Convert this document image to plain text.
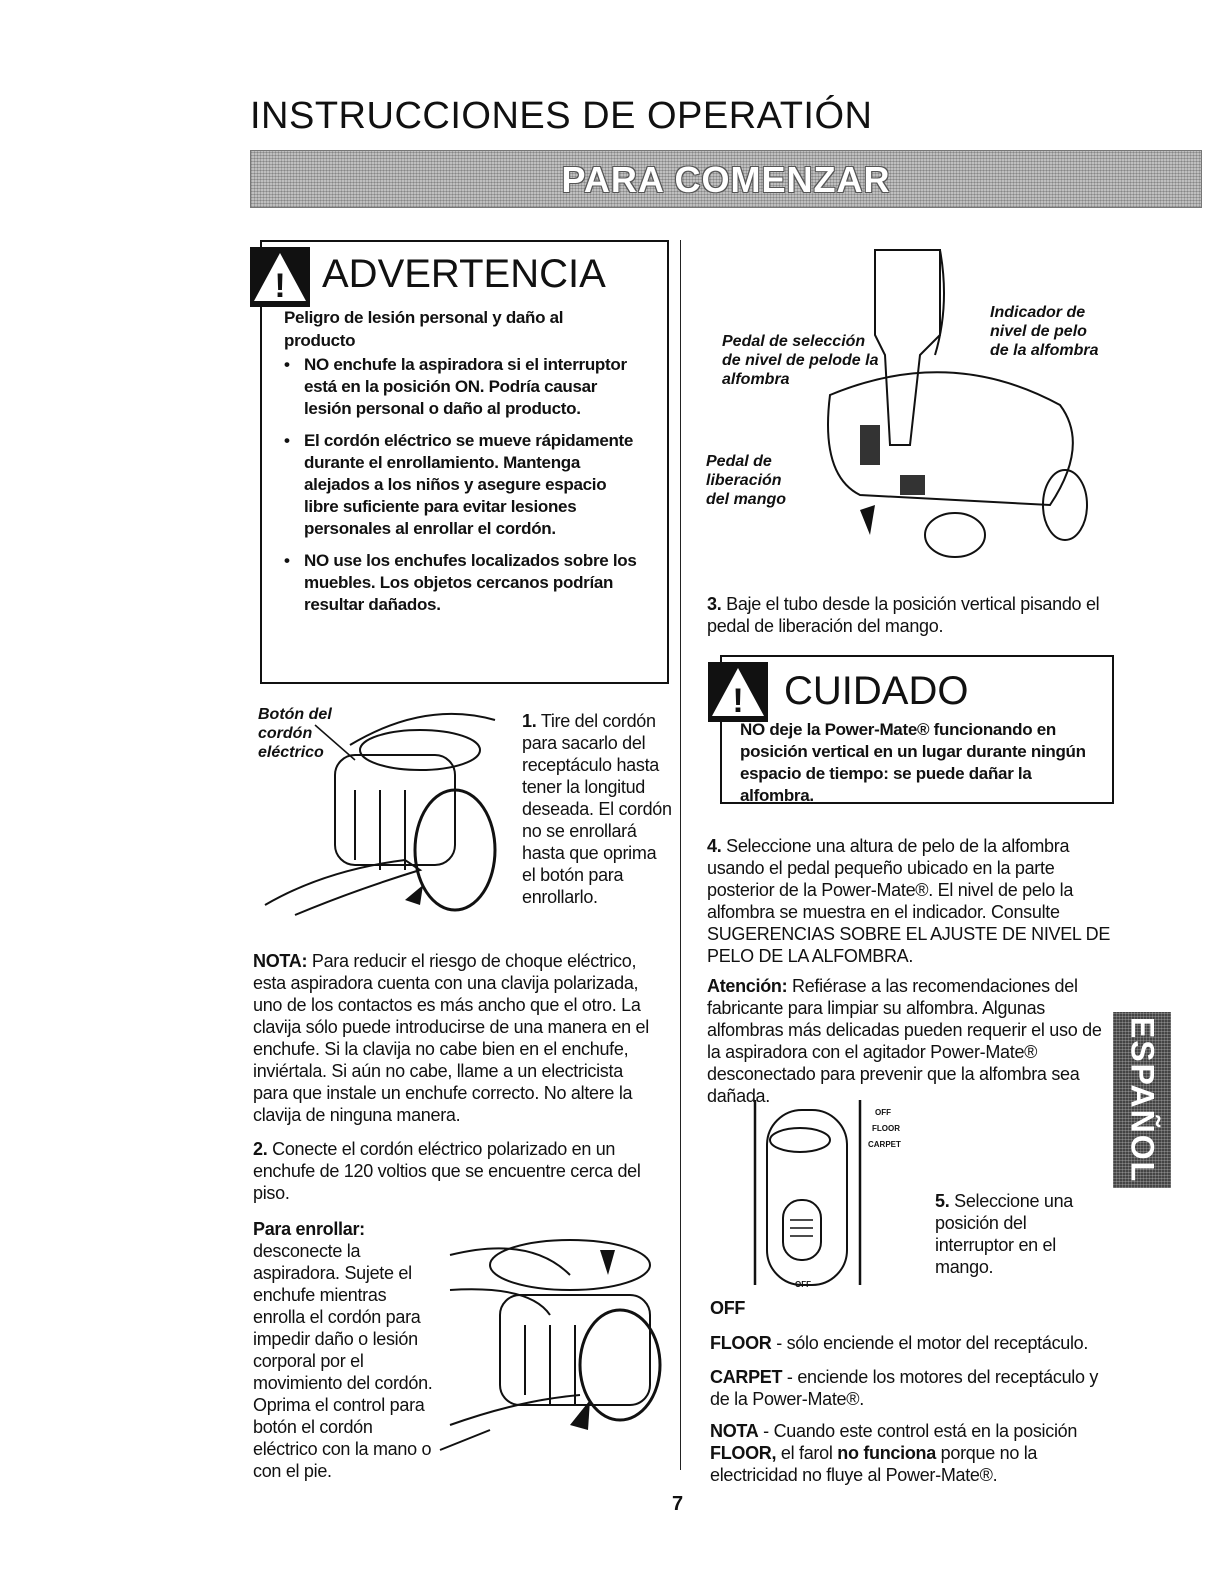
INSTRUCCIONES DE OPERATIÓN
PARA COMENZAR
! ADVERTENCIA
Peligro de lesión personal y daño al producto
• NO enchufe la aspiradora si el interruptor está en la posición ON. Podría causar lesión personal o daño al producto.
• El cordón eléctrico se mueve rápidamente durante el enrollamiento. Mantenga alejados a los niños y asegure espacio libre suficiente para evitar lesiones personales al enrollar el cordón.
• NO use los enchufes localizados sobre los muebles. Los objetos cercanos podrían resultar dañados.
Botón del cordón eléctrico
1. Tire del cordón para sacarlo del receptáculo hasta tener la longitud deseada. El cordón no se enrollará hasta que oprima el botón para enrollarlo.
NOTA: Para reducir el riesgo de choque eléctrico, esta aspiradora cuenta con una clavija polarizada, uno de los contactos es más ancho que el otro. La clavija sólo puede introducirse de una manera en el enchufe. Si la clavija no cabe bien en el enchufe, inviértala. Si aún no cabe, llame a un electricista para que instale un enchufe correcto. No altere la clavija de ninguna manera.
2. Conecte el cordón eléctrico polarizado en un enchufe de 120 voltios que se encuentre cerca del piso.
Para enrollar: desconecte la aspiradora. Sujete el enchufe mientras enrolla el cordón para impedir daño o lesión corporal por el movimiento del cordón. Oprima el control para botón el cordón eléctrico con la mano o con el pie.
Pedal de selección de nivel de pelode la alfombra
Indicador de nivel de pelo de la alfombra
Pedal de liberación del mango
3. Baje el tubo desde la posición vertical pisando el pedal de liberación del mango.
! CUIDADO
NO deje la Power-Mate® funcionando en posición vertical en un lugar durante ningún espacio de tiempo: se puede dañar la alfombra.
4. Seleccione una altura de pelo de la alfombra usando el pedal pequeño ubicado en la parte posterior de la Power-Mate®. El nivel de pelo la alfombra se muestra en el indicador. Consulte SUGERENCIAS SOBRE EL AJUSTE DE NIVEL DE PELO DE LA ALFOMBRA.
Atención: Refiérase a las recomendaciones del fabricante para limpiar su alfombra. Algunas alfombras más delicadas pueden requerir el uso de la aspiradora con el agitador Power-Mate® desconectado para prevenir que la alfombra sea dañada.
OFF
FLOOR
CARPET
OFF
5. Seleccione una posición del interruptor en el mango.
OFF
FLOOR - sólo enciende el motor del receptáculo.
CARPET - enciende los motores del receptáculo y de la Power-Mate®.
NOTA - Cuando este control está en la posición FLOOR, el farol no funciona porque no la electricidad no fluye al Power-Mate®.
ESPAÑOL
7
